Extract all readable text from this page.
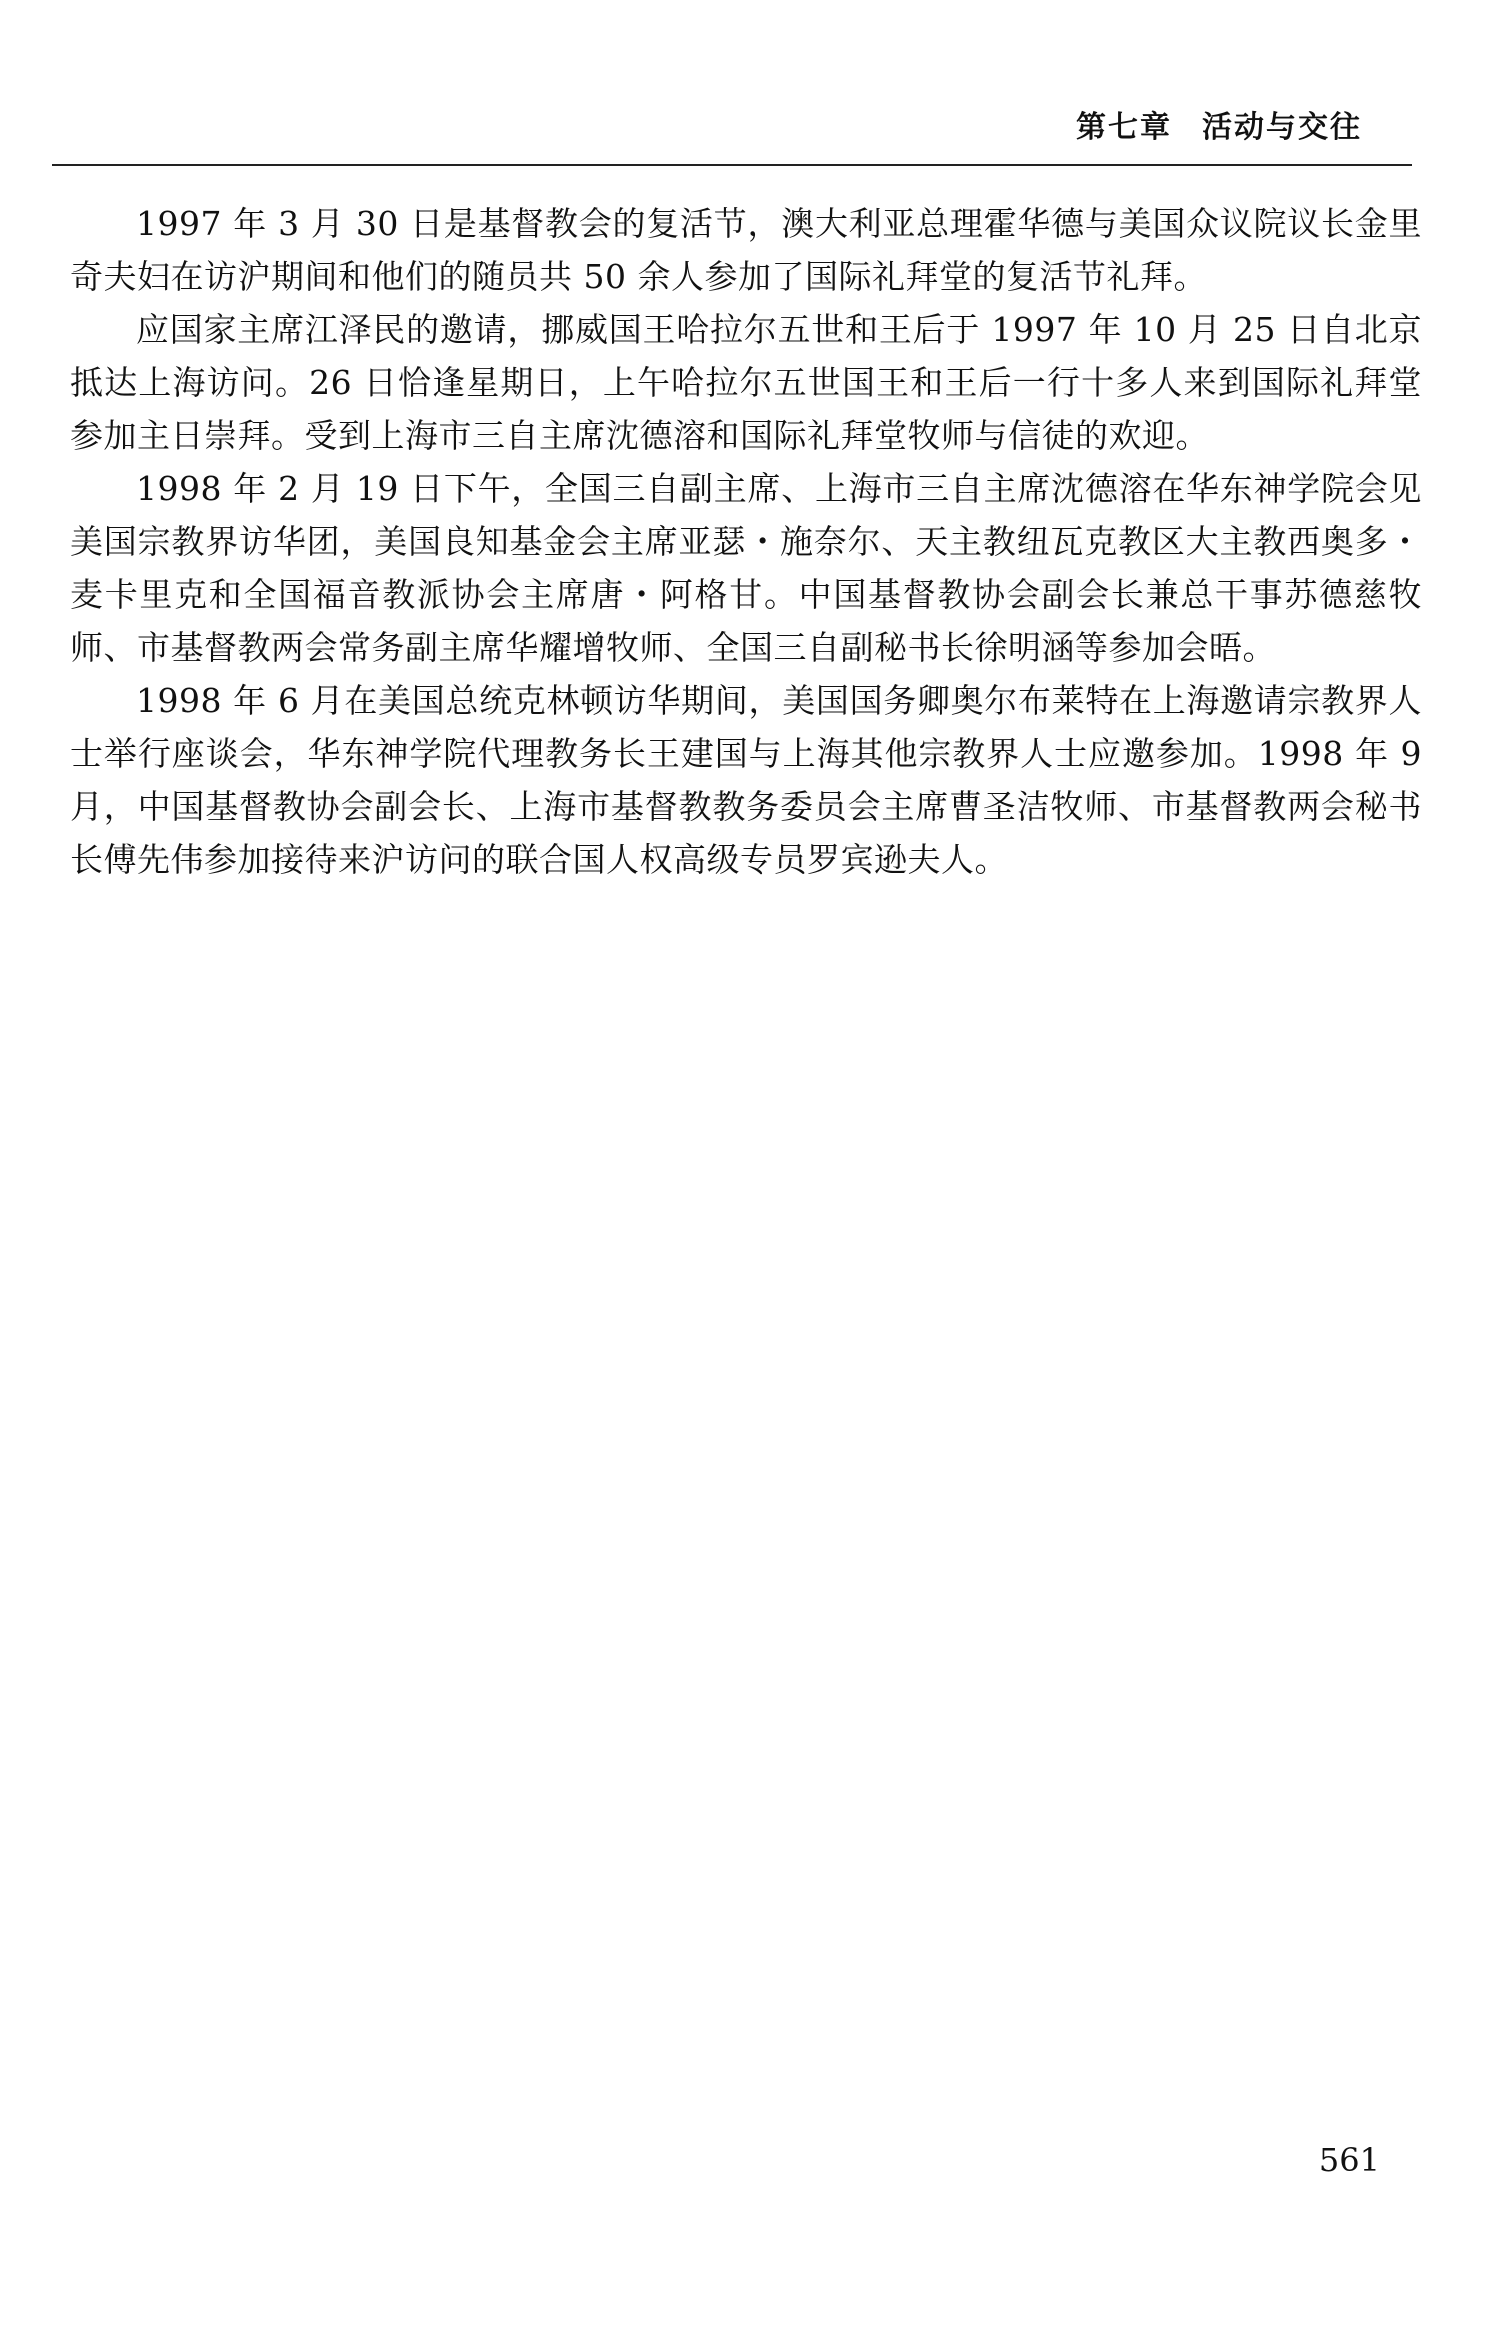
第七章 活动与交往

1997 年 3 月 30 日是基督教会的复活节，澳大利亚总理霍华德与美国众议院议长金里奇夫妇在访沪期间和他们的随员共 50 余人参加了国际礼拜堂的复活节礼拜。

应国家主席江泽民的邀请，挪威国王哈拉尔五世和王后于 1997 年 10 月 25 日自北京抵达上海访问。26 日恰逢星期日，上午哈拉尔五世国王和王后一行十多人来到国际礼拜堂参加主日崇拜。受到上海市三自主席沈德溶和国际礼拜堂牧师与信徒的欢迎。

1998 年 2 月 19 日下午，全国三自副主席、上海市三自主席沈德溶在华东神学院会见美国宗教界访华团，美国良知基金会主席亚瑟・施奈尔、天主教纽瓦克教区大主教西奥多・麦卡里克和全国福音教派协会主席唐・阿格甘。中国基督教协会副会长兼总干事苏德慈牧师、市基督教两会常务副主席华耀增牧师、全国三自副秘书长徐明涵等参加会晤。

1998 年 6 月在美国总统克林顿访华期间，美国国务卿奥尔布莱特在上海邀请宗教界人士举行座谈会，华东神学院代理教务长王建国与上海其他宗教界人士应邀参加。1998 年 9 月，中国基督教协会副会长、上海市基督教教务委员会主席曹圣洁牧师、市基督教两会秘书长傅先伟参加接待来沪访问的联合国人权高级专员罗宾逊夫人。

561
